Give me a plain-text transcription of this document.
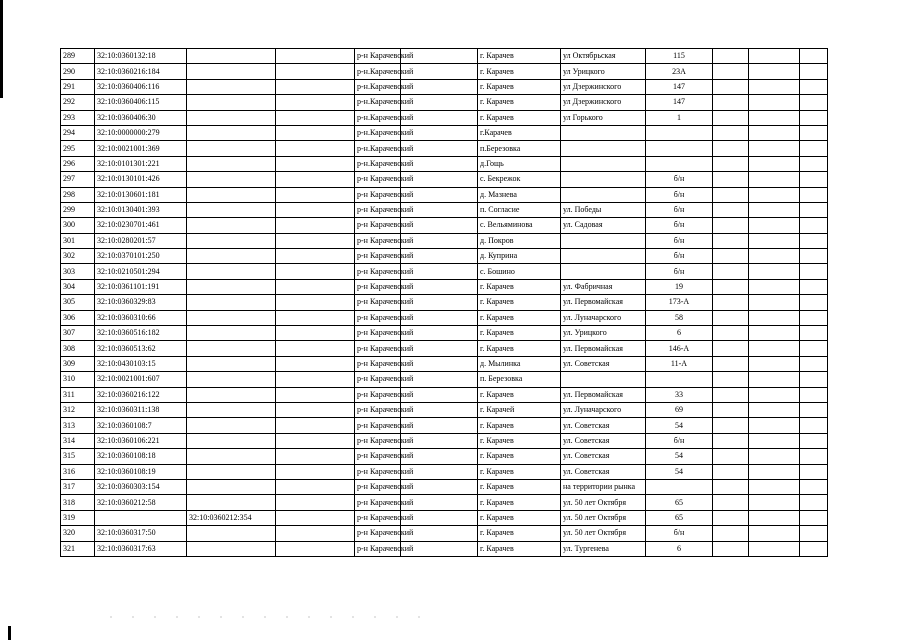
289	32:10:0360132:18			р-н Карачевский		г. Карачев	ул Октябрьская	115			
290	32:10:0360216:184			р-н.Карачевский		г. Карачев	ул Урицкого	23А			
291	32:10:0360406:116			р-н.Карачевский		г. Карачев	ул Дзержинского	147			
292	32:10:0360406:115			р-н.Карачевский		г. Карачев	ул Дзержинского	147			
293	32:10:0360406:30			р-н.Карачевский		г. Карачев	ул Горького	1			
294	32:10:0000000:279			р-н.Карачевский		г.Карачев					
295	32:10:0021001:369			р-н.Карачевский		п.Березовка					
296	32:10:0101301:221			р-н.Карачевский		д.Гощь					
297	32:10:0130101:426			р-н Карачевский		с. Бекрежок		б/н			
298	32:10:0130601:181			р-н Карачевский		д. Мазнева		б/н			
299	32:10:0130401:393			р-н Карачевский		п. Согласие	ул. Победы	б/н			
300	32:10:0230701:461			р-н Карачевский		с. Вельяминова	ул. Садовая	б/н			
301	32:10:0280201:57			р-н Карачевский		д. Покров		б/н			
302	32:10:0370101:250			р-н Карачевский		д. Куприна		б/н			
303	32:10:0210501:294			р-н Карачевский		с. Бошино		б/н			
304	32:10:0361101:191			р-н Карачевский		г. Карачев	ул. Фабричная	19			
305	32:10:0360329:83			р-н Карачевский		г. Карачев	ул. Первомайская	173-А			
306	32:10:0360310:66			р-н Карачевский		г. Карачев	ул. Луначарского	58			
307	32:10:0360516:182			р-н Карачевский		г. Карачев	ул. Урицкого	6			
308	32:10:0360513:62			р-н Карачевский		г. Карачев	ул. Первомайская	146-А			
309	32:10:0430103:15			р-н Карачевский		д. Мылинка	ул. Советская	11-А			
310	32:10:0021001:607			р-н Карачевский		п. Березовка					
311	32:10:0360216:122			р-н Карачевский		г. Карачев	ул. Первомайская	33			
312	32:10:0360311:138			р-н Карачевский		г. Карачей	ул. Луначарского	69			
313	32:10:0360108:7			р-н Карачевский		г. Карачев	ул. Советская	54			
314	32:10:0360106:221			р-н Карачевский		г. Карачев	ул. Советская	б/н			
315	32:10:0360108:18			р-н Карачевский		г. Карачев	ул. Советская	54			
316	32:10:0360108:19			р-н Карачевский		г. Карачев	ул. Советская	54			
317	32:10:0360303:154			р-н Карачевский		г. Карачев	на территории рынка				
318	32:10:0360212:58			р-н Карачевский		г. Карачев	ул. 50 лет Октября	65			
319		32:10:0360212:354		р-н Карачевский		г. Карачев	ул. 50 лет Октября	65			
320	32:10:0360317:50			р-н Карачевский		г. Карачев	ул. 50 лет Октября	б/н			
321	32:10:0360317:63			р-н Карачевский		г. Карачев	ул. Тургенева	6			
